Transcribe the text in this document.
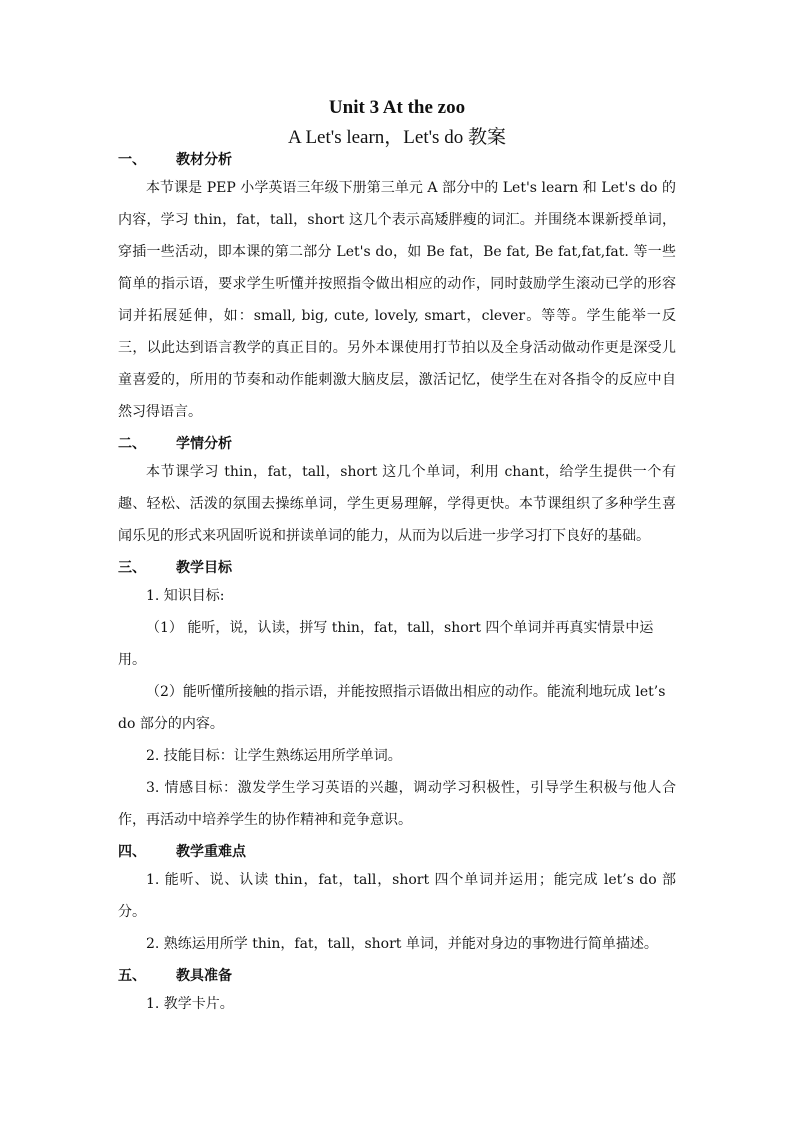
Unit 3 At the zoo
A Let's learn，Let's do 教案
一、 教材分析

本节课是 PEP 小学英语三年级下册第三单元 A 部分中的 Let's learn 和 Let's do 的内容，学习 thin，fat，tall，short 这几个表示高矮胖瘦的词汇。并围绕本课新授单词，穿插一些活动，即本课的第二部分 Let's do，如 Be fat，Be fat, Be fat,fat,fat. 等一些简单的指示语，要求学生听懂并按照指令做出相应的动作，同时鼓励学生滚动已学的形容词并拓展延伸，如：small, big, cute, lovely, smart，clever。等等。学生能举一反三，以此达到语言教学的真正目的。另外本课使用打节拍以及全身活动做动作更是深受儿童喜爱的，所用的节奏和动作能刺激大脑皮层，激活记忆，使学生在对各指令的反应中自然习得语言。

二、 学情分析

本节课学习 thin，fat，tall，short 这几个单词，利用 chant，给学生提供一个有趣、轻松、活泼的氛围去操练单词，学生更易理解，学得更快。本节课组织了多种学生喜闻乐见的形式来巩固听说和拼读单词的能力，从而为以后进一步学习打下良好的基础。

三、 教学目标

1. 知识目标:

（1） 能听，说，认读，拼写 thin，fat，tall，short 四个单词并再真实情景中运用。

（2）能听懂所接触的指示语，并能按照指示语做出相应的动作。能流利地玩成 let’s do 部分的内容。

2. 技能目标：让学生熟练运用所学单词。

3. 情感目标：激发学生学习英语的兴趣，调动学习积极性，引导学生积极与他人合作，再活动中培养学生的协作精神和竞争意识。

四、 教学重难点

1. 能听、说、认读 thin，fat，tall，short 四个单词并运用；能完成 let’s do 部分。

2. 熟练运用所学 thin，fat，tall，short 单词，并能对身边的事物进行简单描述。

五、 教具准备

1. 教学卡片。
